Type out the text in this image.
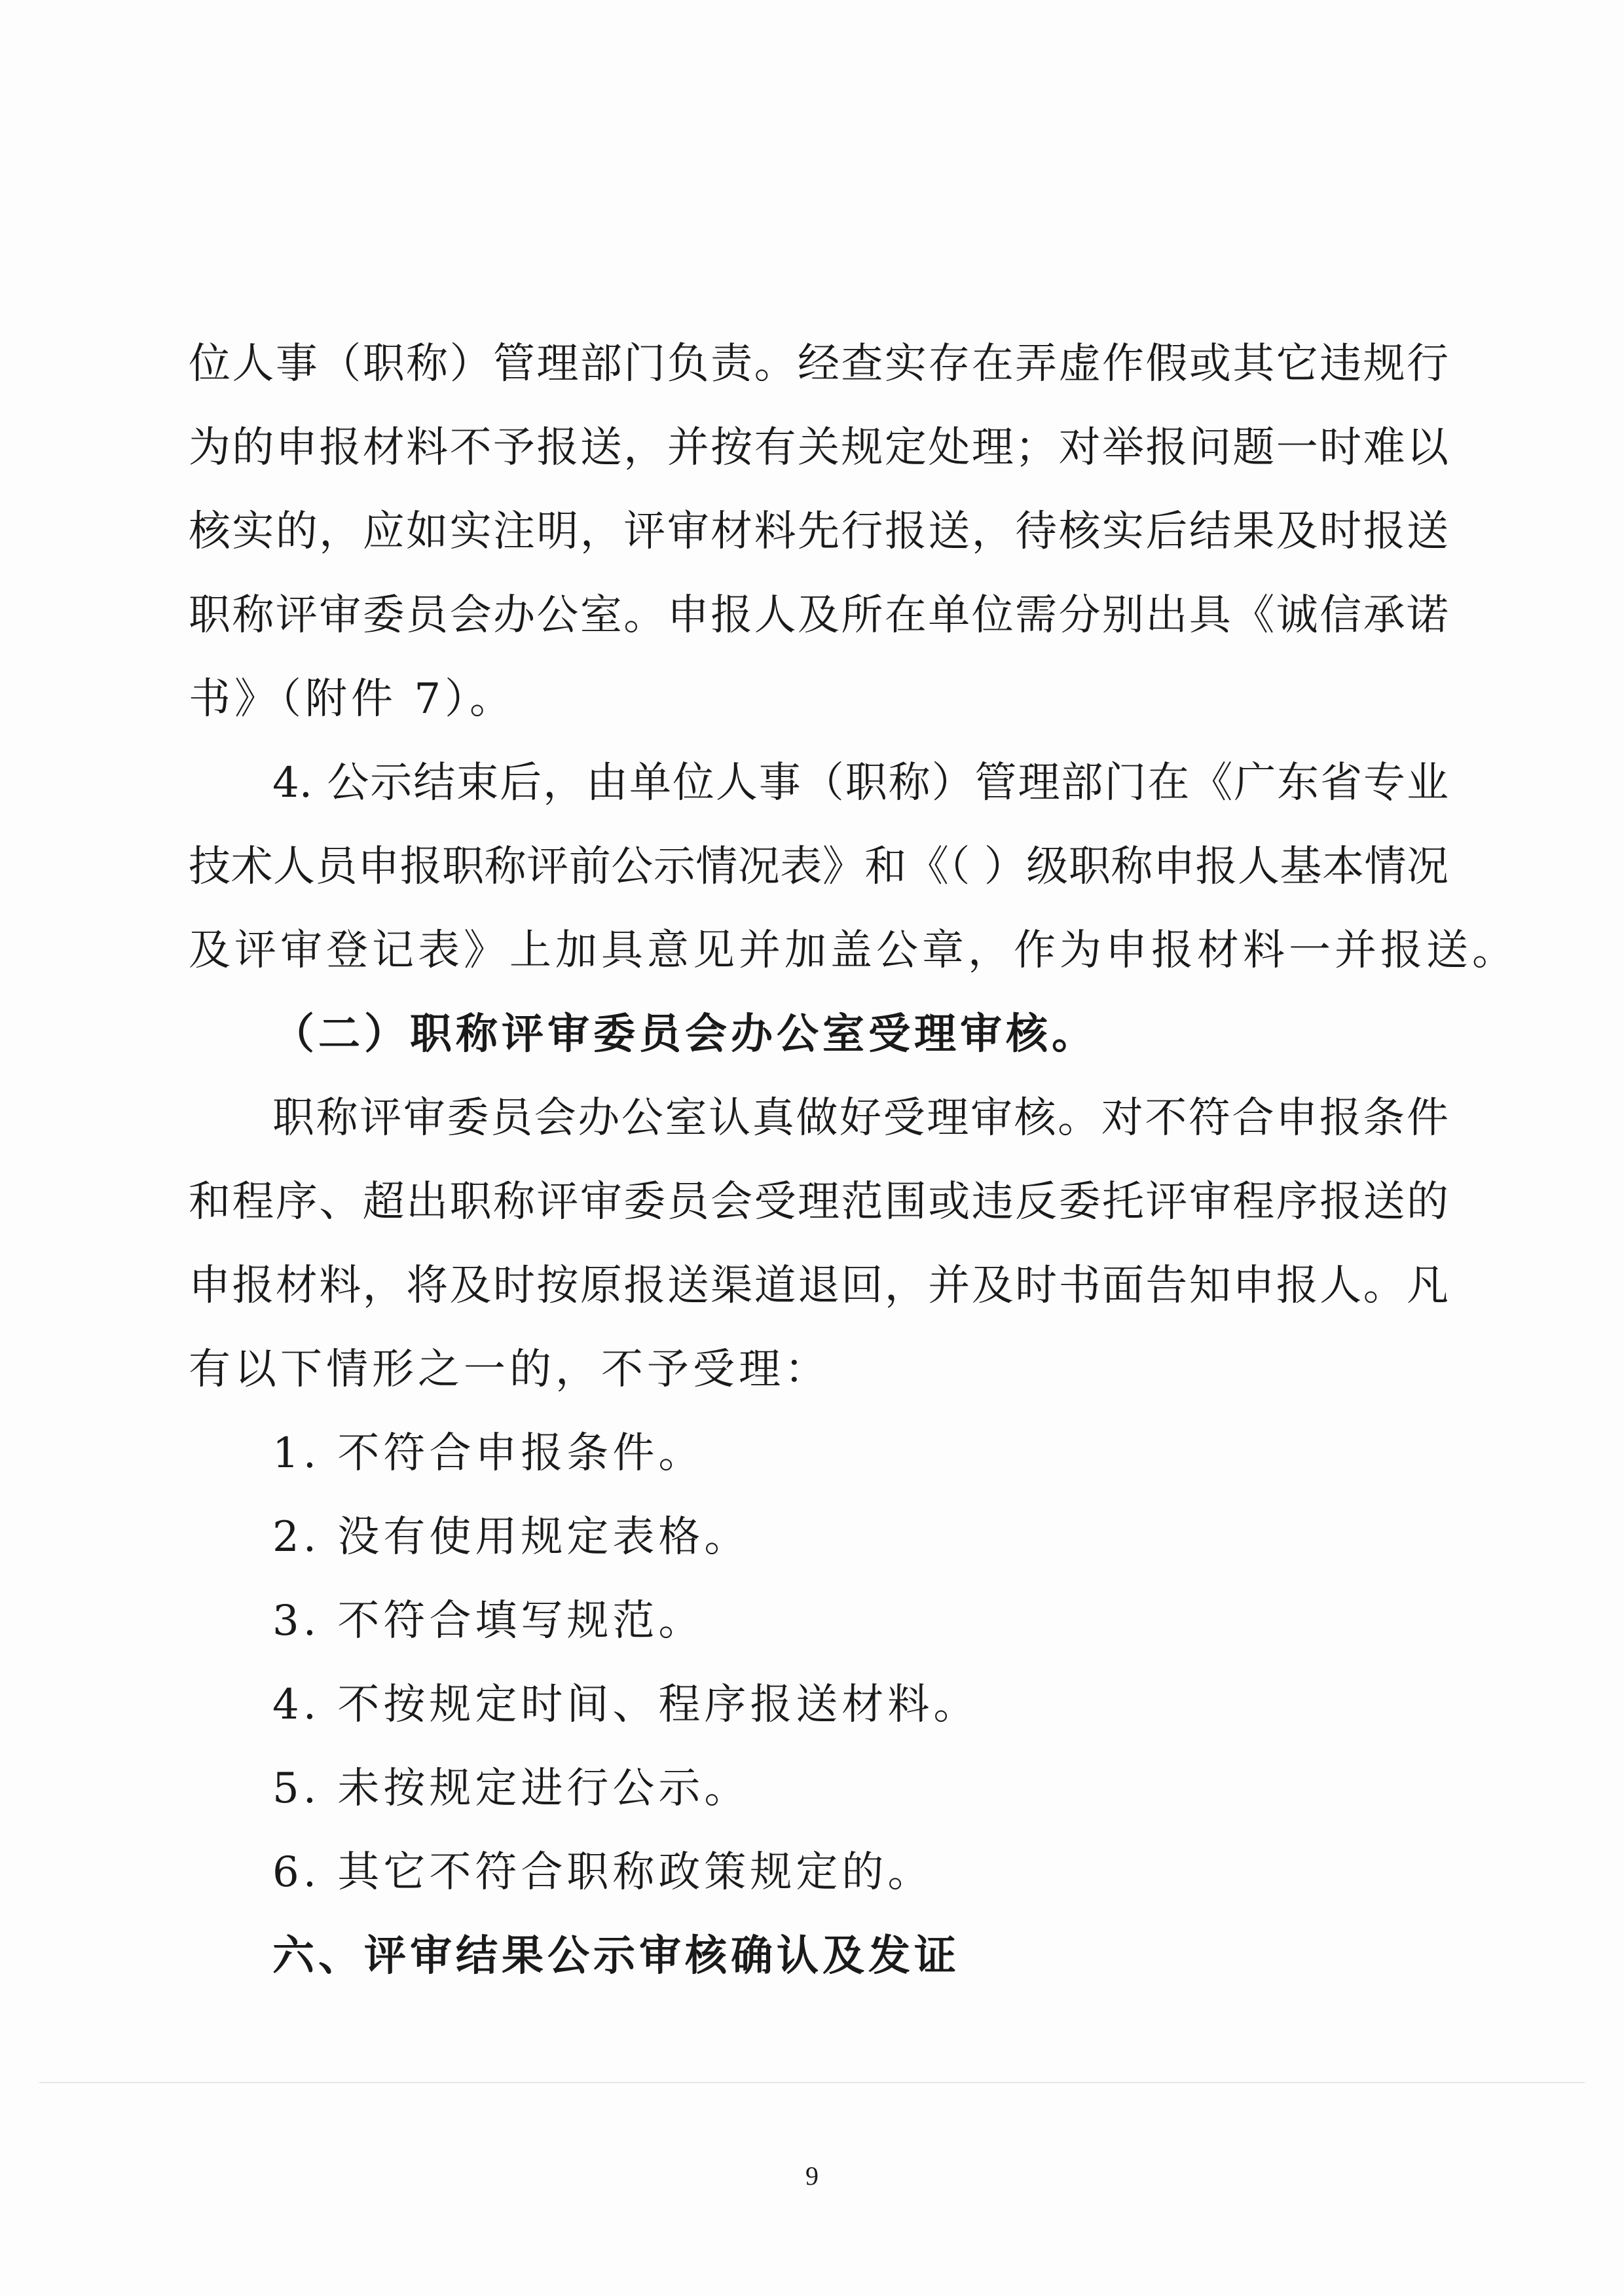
位人事（职称）管理部门负责。经查实存在弄虚作假或其它违规行
为的申报材料不予报送，并按有关规定处理；对举报问题一时难以
核实的，应如实注明，评审材料先行报送，待核实后结果及时报送
职称评审委员会办公室。申报人及所在单位需分别出具《诚信承诺
书》（附件 7）。
4. 公示结束后，由单位人事（职称）管理部门在《广东省专业
技术人员申报职称评前公示情况表》和《（ ）级职称申报人基本情况
及评审登记表》上加具意见并加盖公章，作为申报材料一并报送。
（二）职称评审委员会办公室受理审核。
职称评审委员会办公室认真做好受理审核。对不符合申报条件
和程序、超出职称评审委员会受理范围或违反委托评审程序报送的
申报材料，将及时按原报送渠道退回，并及时书面告知申报人。凡
有以下情形之一的，不予受理：
1. 不符合申报条件。
2. 没有使用规定表格。
3. 不符合填写规范。
4. 不按规定时间、程序报送材料。
5. 未按规定进行公示。
6. 其它不符合职称政策规定的。
六、评审结果公示审核确认及发证
9
